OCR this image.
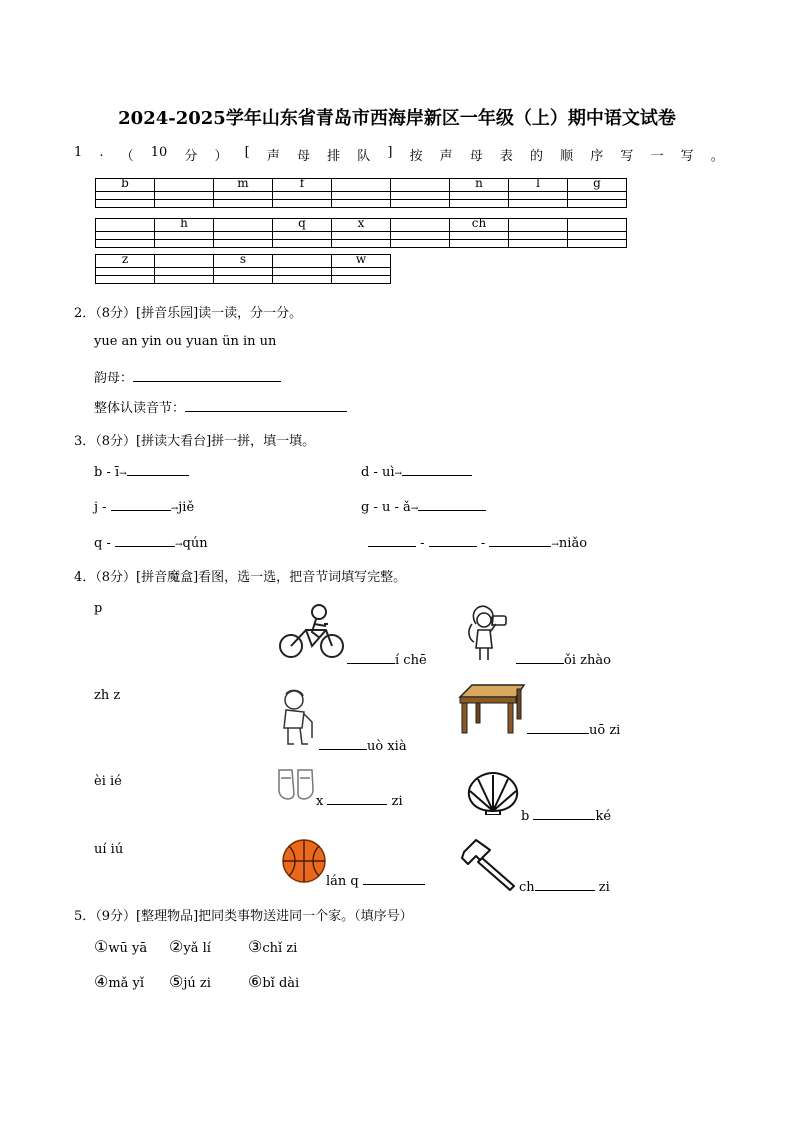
2024-2025学年山东省青岛市西海岸新区一年级（上）期中语文试卷
1 . （ 10 分 ） [ 声 母 排 队 ] 按 声 母 表 的 顺 序 写 一 写 。
b		m	f			n	l	g

	h		q	x		ch		

z		s		w

2．（8分）[拼音乐园]读一读，分一分。
yue an yin ou yuan ün in un
韵母：
整体认读音节：
3．（8分）[拼读大看台]拼一拼，填一填。
b - ī→	d - uì→
j -	→jiě	g - u - ǎ→
q -	→qún	-	-	→niǎo
4．（8分）[拼音魔盒]看图，选一选，把音节词填写完整。
p
zh z
èi ié
uí iú
í chē	ǒi zhào
uò xià
uō zi
x	zi
b	ké
lán q	ch	zi
5．（9分）[整理物品]把同类事物送进同一个家。（填序号）
①wū yā ②yǎ lí ③chǐ zi
④mǎ yǐ ⑤jú zi ⑥bǐ dài
